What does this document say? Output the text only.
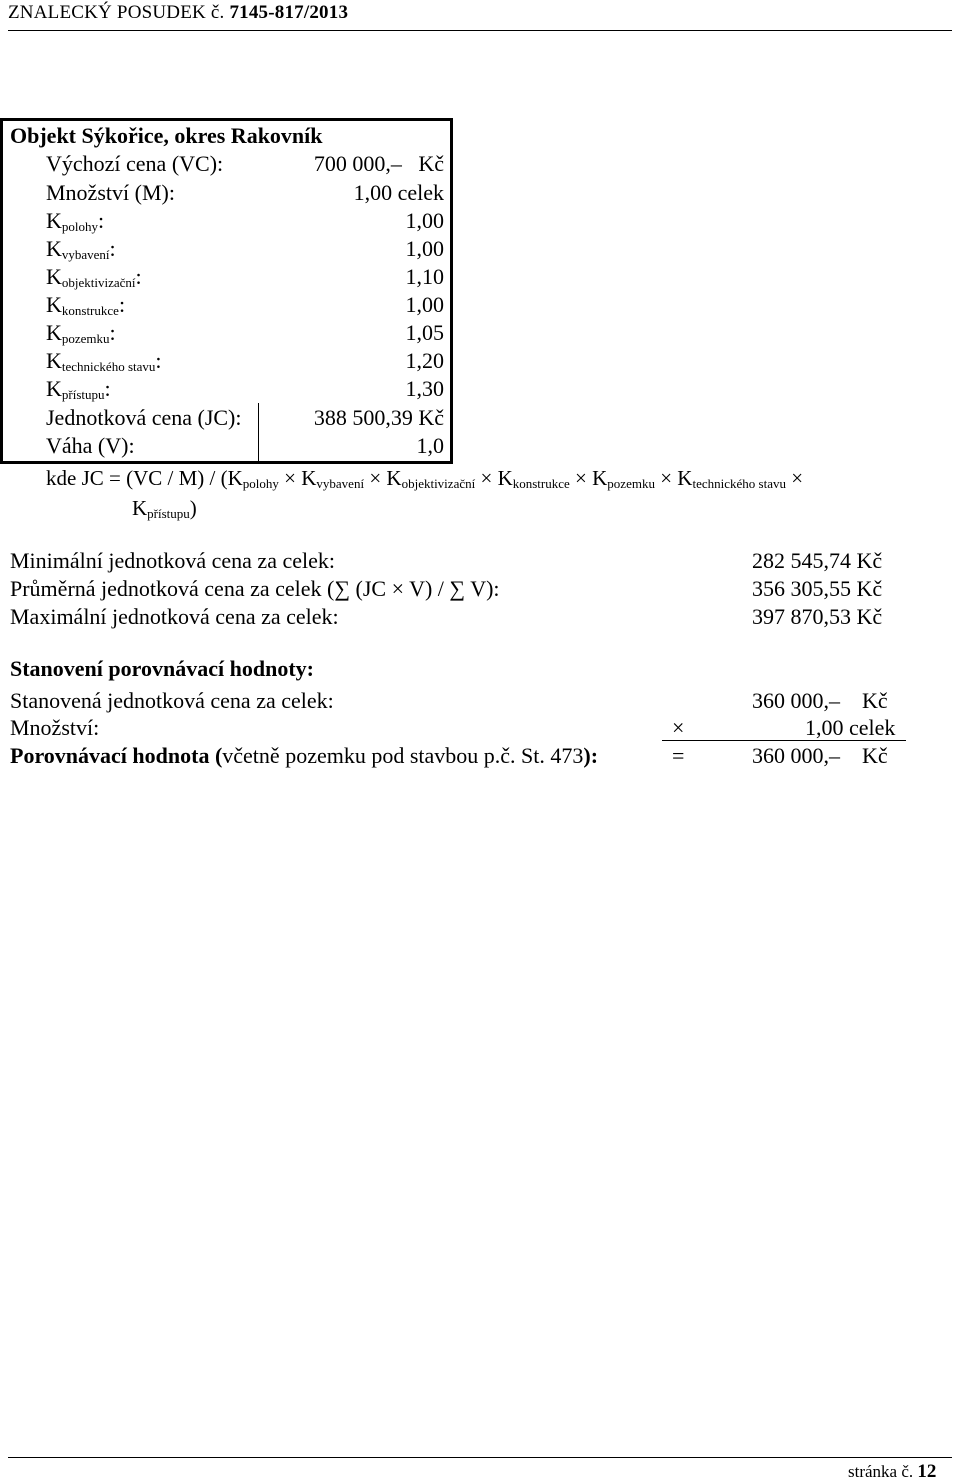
ZNALECKÝ POSUDEK č. 7145-817/2013
Objekt Sýkořice, okres Rakovník
Výchozí cena (VC):	700 000,– Kč
Množství (M):	1,00 celek
$K_{polohy}$:	1,00
$K_{vybavení}$:	1,00
$K_{objektivizační}$:	1,10
$K_{konstrukce}$:	1,00
$K_{pozemku}$:	1,05
$K_{technického stavu}$:	1,20
$K_{přístupu}$:	1,30
Jednotková cena (JC):	388 500,39 Kč
Váha (V):	1,0
kde JC = $(VC / M) / (K_{polohy} \times K_{vybavení} \times K_{objektivizační} \times K_{konstrukce} \times K_{pozemku} \times K_{technického stavu}$ ×
$K_{přístupu}$)
Minimální jednotková cena za celek:	282 545,74 Kč
Průměrná jednotková cena za celek (∑ (JC × V) / ∑ V):	356 305,55 Kč
Maximální jednotková cena za celek:	397 870,53 Kč
Stanovení porovnávací hodnoty:
Stanovená jednotková cena za celek:	360 000,– Kč
Množství:	×	1,00 celek
Porovnávací hodnota (včetně pozemku pod stavbou p.č. St. 473):	=	360 000,– Kč
stránka č. 12
